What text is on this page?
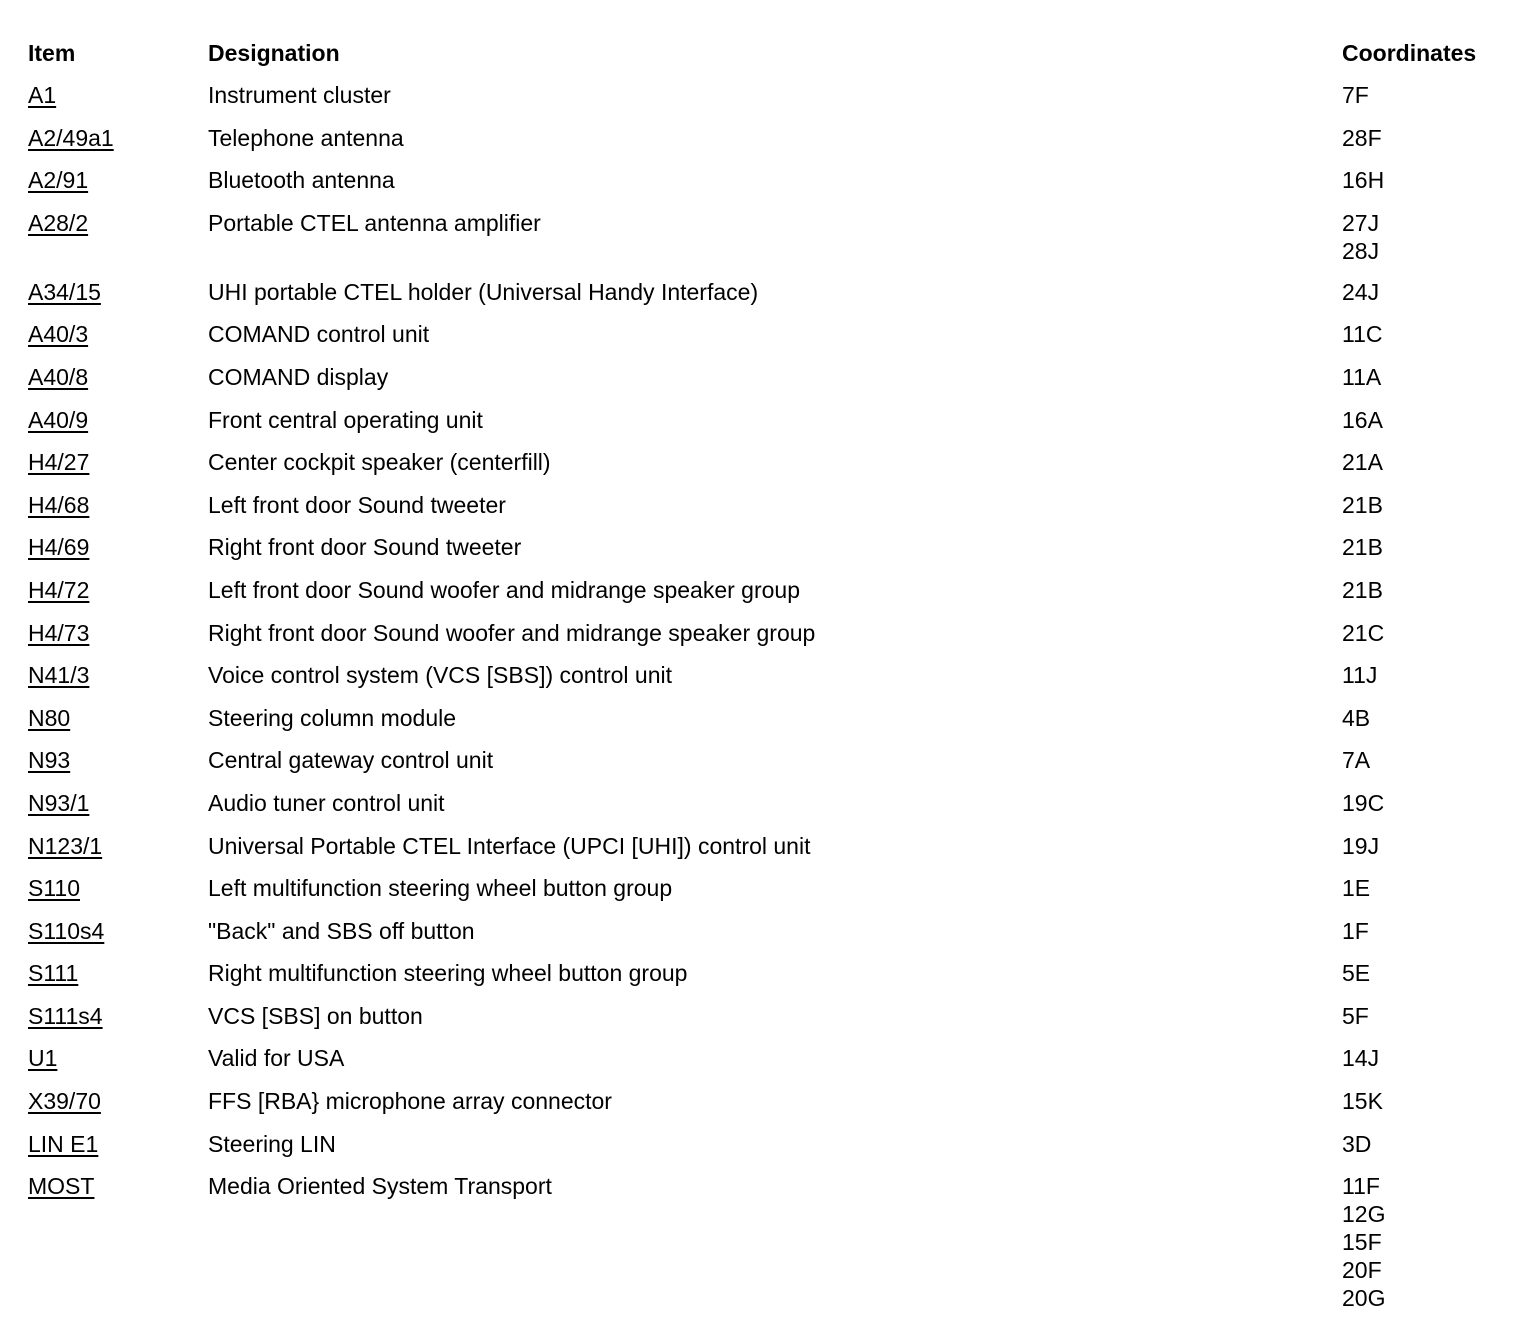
Item	Designation	Coordinates
A1	Instrument cluster	7F
A2/49a1	Telephone antenna	28F
A2/91	Bluetooth antenna	16H
A28/2	Portable CTEL antenna amplifier	27J
28J
A34/15	UHI portable CTEL holder (Universal Handy Interface)	24J
A40/3	COMAND control unit	11C
A40/8	COMAND display	11A
A40/9	Front central operating unit	16A
H4/27	Center cockpit speaker (centerfill)	21A
H4/68	Left front door Sound tweeter	21B
H4/69	Right front door Sound tweeter	21B
H4/72	Left front door Sound woofer and midrange speaker group	21B
H4/73	Right front door Sound woofer and midrange speaker group	21C
N41/3	Voice control system (VCS [SBS]) control unit	11J
N80	Steering column module	4B
N93	Central gateway control unit	7A
N93/1	Audio tuner control unit	19C
N123/1	Universal Portable CTEL Interface (UPCI [UHI]) control unit	19J
S110	Left multifunction steering wheel button group	1E
S110s4	"Back" and SBS off button	1F
S111	Right multifunction steering wheel button group	5E
S111s4	VCS [SBS] on button	5F
U1	Valid for USA	14J
X39/70	FFS [RBA} microphone array connector	15K
LIN E1	Steering LIN	3D
MOST	Media Oriented System Transport	11F
12G
15F
20F
20G
